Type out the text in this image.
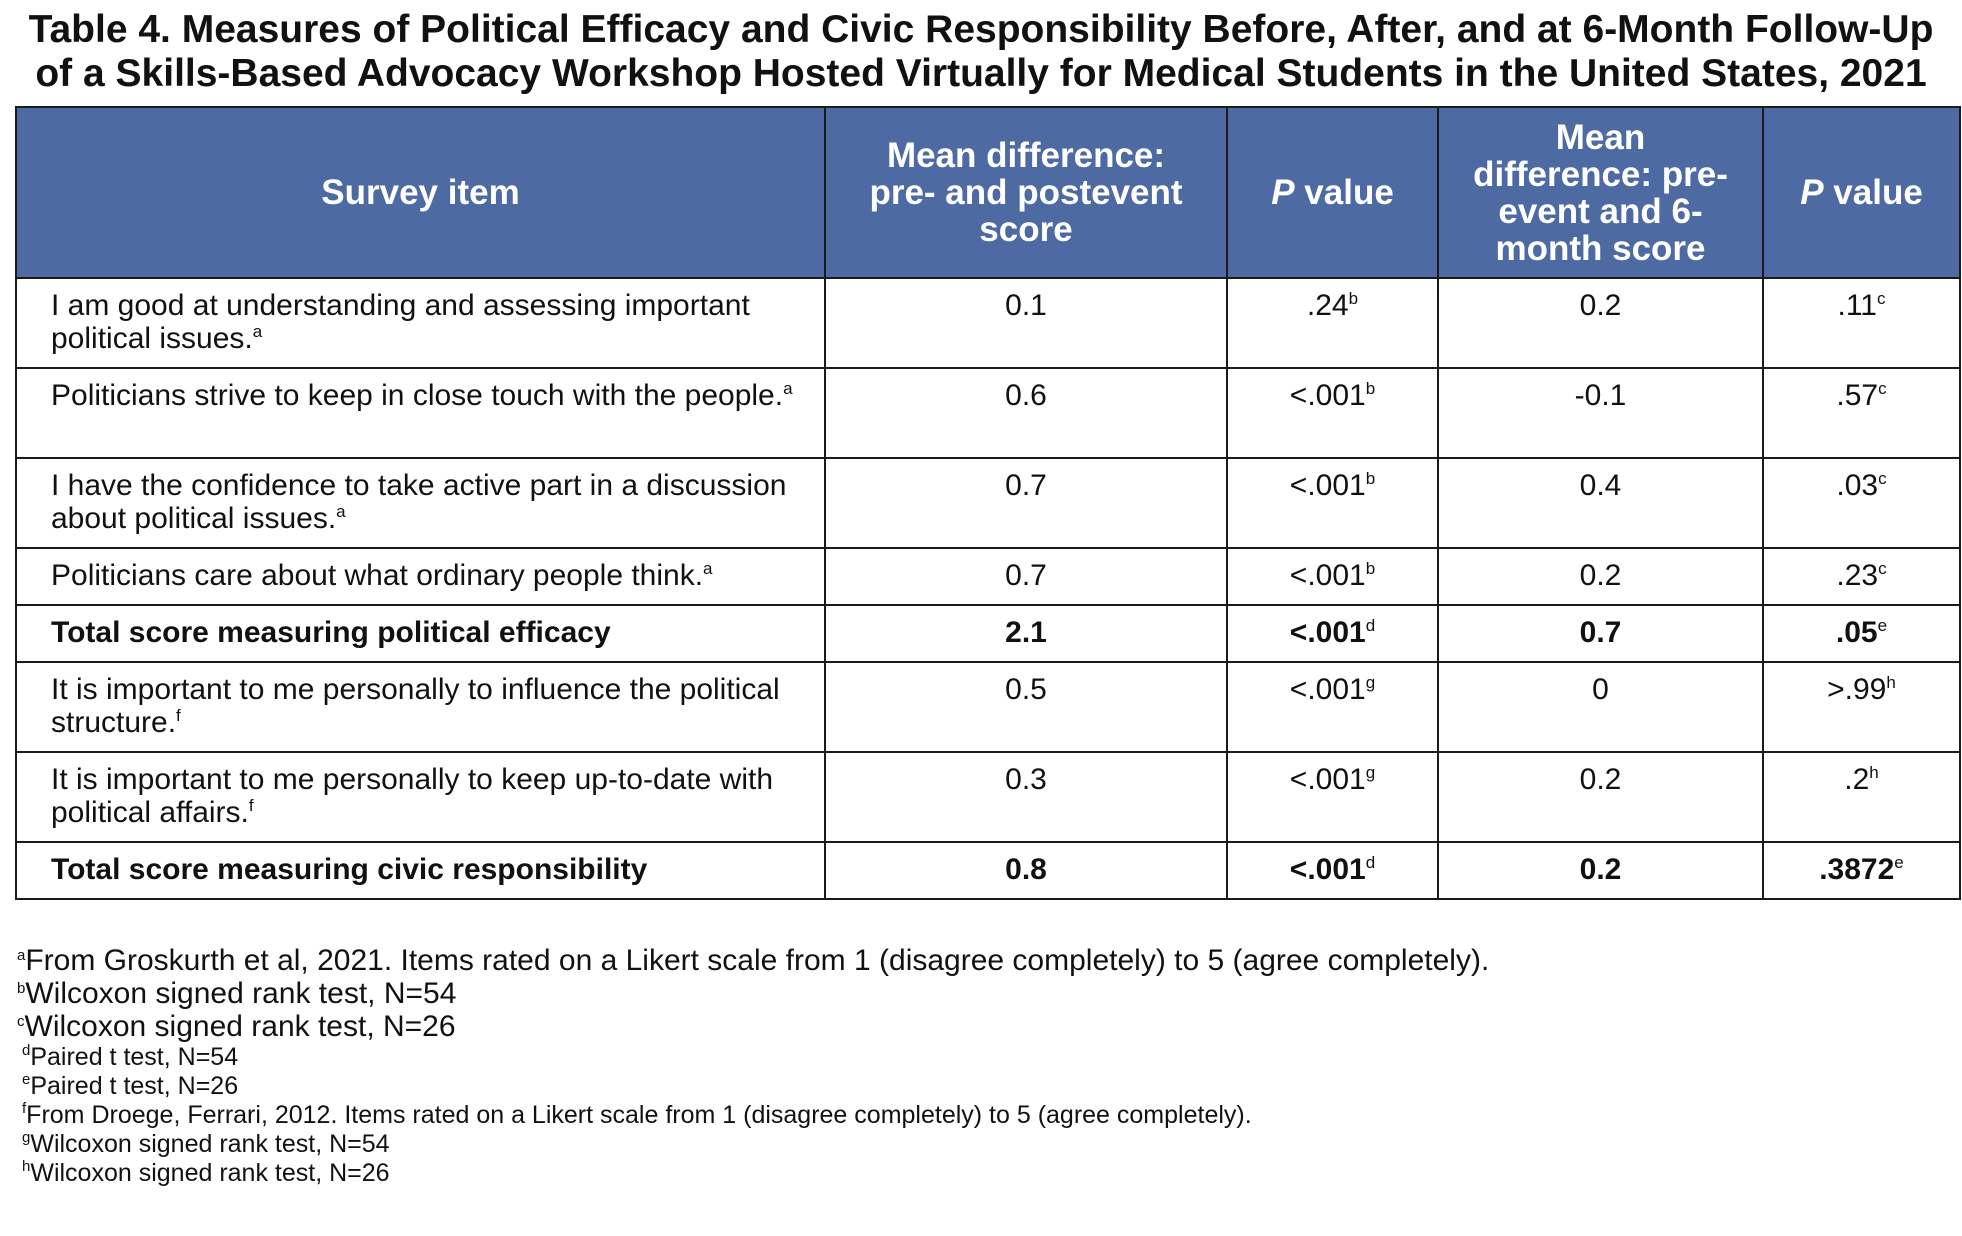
Table 4. Measures of Political Efficacy and Civic Responsibility Before, After, and at 6-Month Follow-Up
of a Skills-Based Advocacy Workshop Hosted Virtually for Medical Students in the United States, 2021
Survey item	Mean difference: pre- and postevent score	P value	Mean difference: pre-event and 6-month score	P value
I am good at understanding and assessing important political issues.$^a$	0.1	.24$^b$	0.2	.11$^c$
Politicians strive to keep in close touch with the people.$^a$	0.6	<.001$^b$	-0.1	.57$^c$
I have the confidence to take active part in a discussion about political issues.$^a$	0.7	<.001$^b$	0.4	.03$^c$
Politicians care about what ordinary people think.$^a$	0.7	<.001$^b$	0.2	.23$^c$
Total score measuring political efficacy	2.1	<.001$^d$	0.7	.05e
It is important to me personally to influence the political structure.$^f$	0.5	<.001$^g$	0	>.99$^h$
It is important to me personally to keep up-to-date with political affairs.$^f$	0.3	<.001$^g$	0.2	.2$^h$
Total score measuring civic responsibility	0.8	<.001$^d$	0.2	.3872e
$^a$From Groskurth et al, 2021. Items rated on a Likert scale from 1 (disagree completely) to 5 (agree completely).
$^b$Wilcoxon signed rank test, N=54
$^c$Wilcoxon signed rank test, N=26
$^d$Paired t test, N=54
$^e$Paired t test, N=26
$^f$From Droege, Ferrari, 2012. Items rated on a Likert scale from 1 (disagree completely) to 5 (agree completely).
$^g$Wilcoxon signed rank test, N=54
$^h$Wilcoxon signed rank test, N=26
